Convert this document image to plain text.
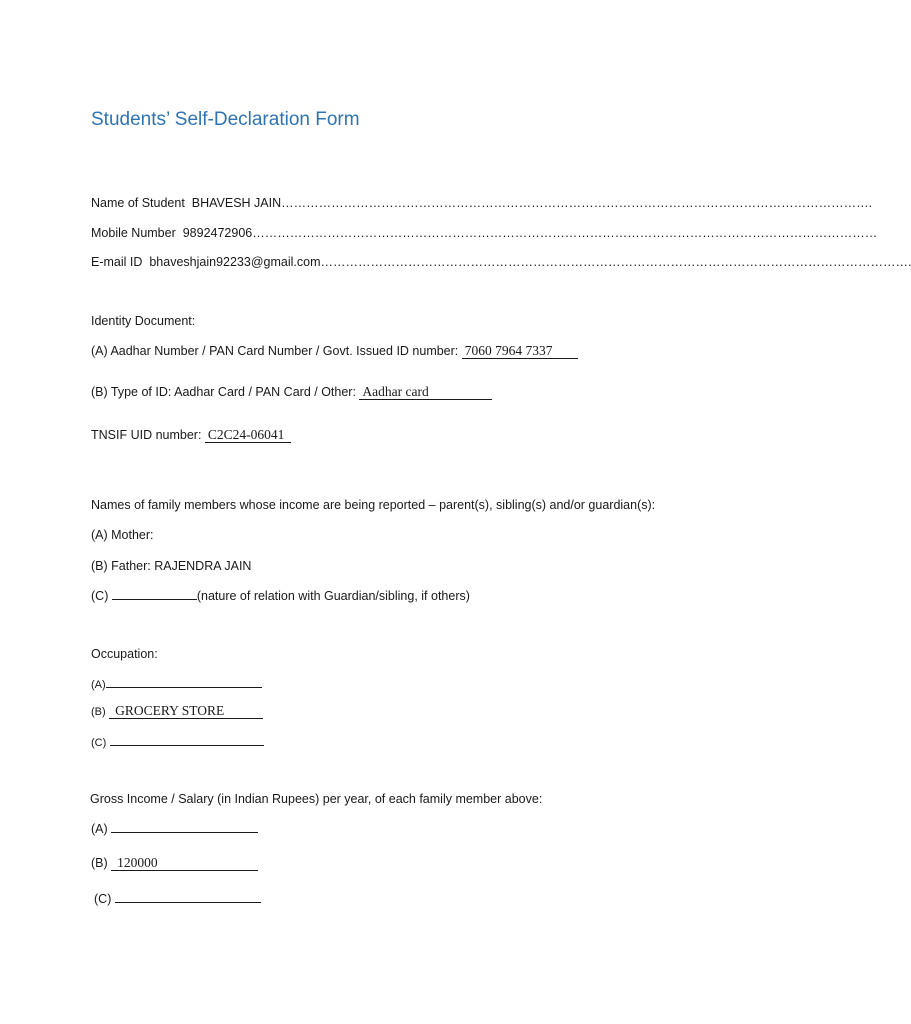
Students’ Self-Declaration Form
Name of Student BHAVESH JAIN…………………………………………………………………………………………………………………………….
Mobile Number 9892472906……………………………………………………………………………………………………………………………………
E-mail ID bhaveshjain92233@gmail.com…………………………………………………………………………………………………………………………….
Identity Document:
(A) Aadhar Number / PAN Card Number / Govt. Issued ID number: 7060 7964 7337
(B) Type of ID: Aadhar Card / PAN Card / Other: Aadhar card
TNSIF UID number: C2C24-06041
Names of family members whose income are being reported – parent(s), sibling(s) and/or guardian(s):
(A) Mother:
(B) Father: RAJENDRA JAIN
(C)	(nature of relation with Guardian/sibling, if others)
Occupation:
(A)
(B) GROCERY STORE
(C)
Gross Income / Salary (in Indian Rupees) per year, of each family member above:
(A)
(B) 120000
(C)
